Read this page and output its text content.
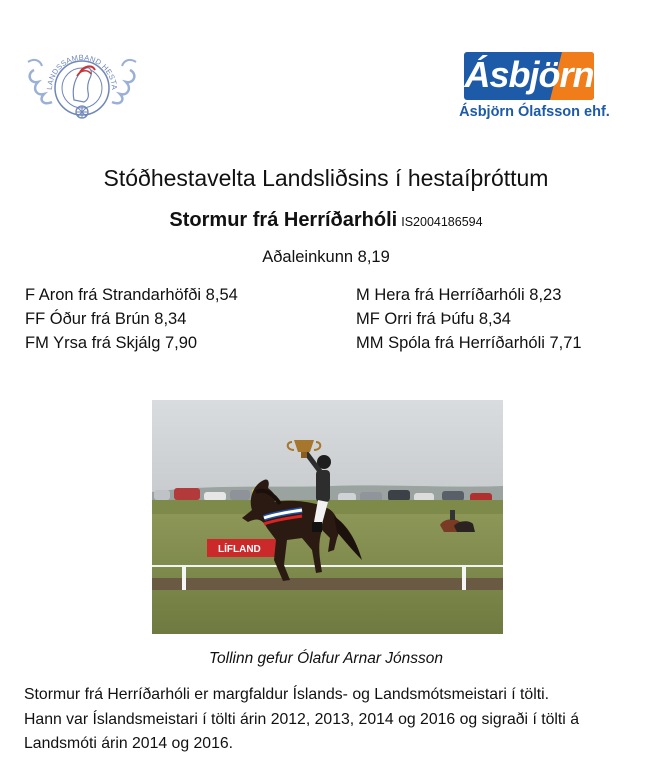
LANDSSAMBAND HESTA	Ásbjörn
Ásbjörn Ólafsson ehf.
Stóðhestavelta Landsliðsins í hestaíþróttum
Stormur frá Herríðarhóli IS2004186594
Aðaleinkunn 8,19
F Aron frá Strandarhöfði 8,54
FF Óður frá Brún 8,34
FM Yrsa frá Skjálg 7,90
M Hera frá Herríðarhóli 8,23
MF Orri frá Þúfu 8,34
MM Spóla frá Herríðarhóli 7,71
LÍFLAND
Tollinn gefur Ólafur Arnar Jónsson
Stormur frá Herríðarhóli er margfaldur Íslands- og Landsmótsmeistari í tölti.
Hann var Íslandsmeistari í tölti árin 2012, 2013, 2014 og 2016 og sigraði í tölti á
Landsmóti árin 2014 og 2016.
